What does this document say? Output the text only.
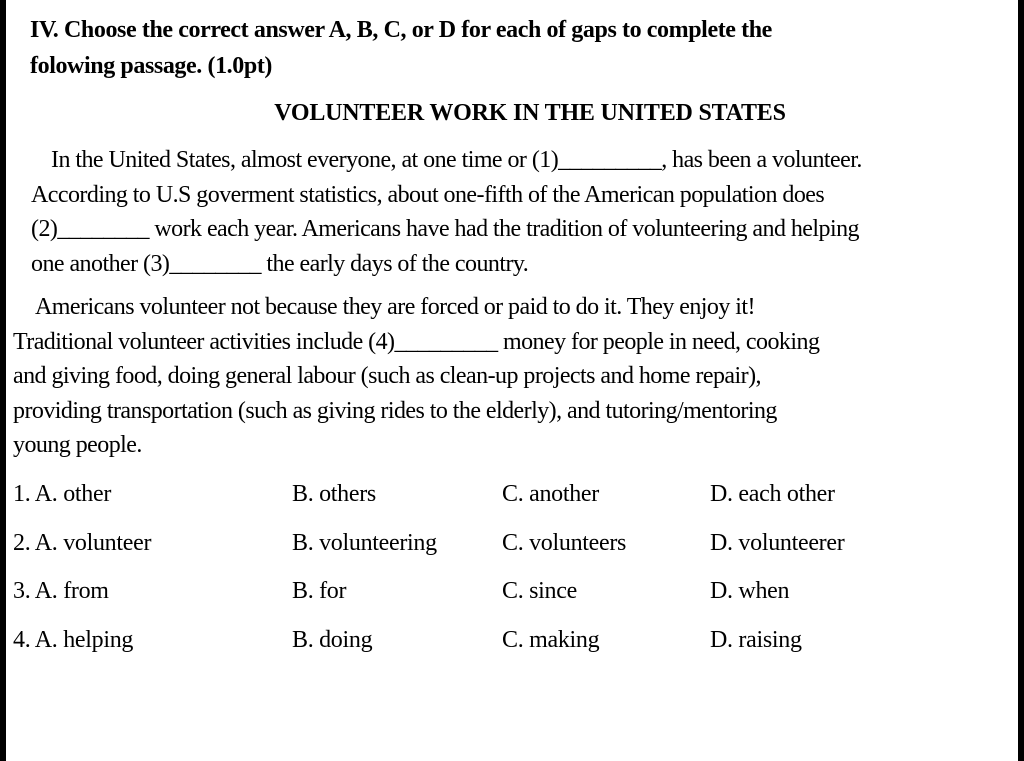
IV. Choose the correct answer A, B, C, or D for each of gaps to complete the
folowing passage. (1.0pt)
VOLUNTEER WORK IN THE UNITED STATES
In the United States, almost everyone, at one time or (1)_________, has been a volunteer.
According to U.S goverment statistics, about one-fifth of the American population does
(2)________ work each year. Americans have had the tradition of volunteering and helping
one another (3)________ the early days of the country.
Americans volunteer not because they are forced or paid to do it. They enjoy it!
Traditional volunteer activities include (4)_________ money for people in need, cooking
and giving food, doing general labour (such as clean-up projects and home repair),
providing transportation (such as giving rides to the elderly), and tutoring/mentoring
young people.
1. A. other	B. others	C. another	D. each other
2. A. volunteer	B. volunteering	C. volunteers	D. volunteerer
3. A. from	B. for	C. since	D. when
4. A. helping	B. doing	C. making	D. raising
